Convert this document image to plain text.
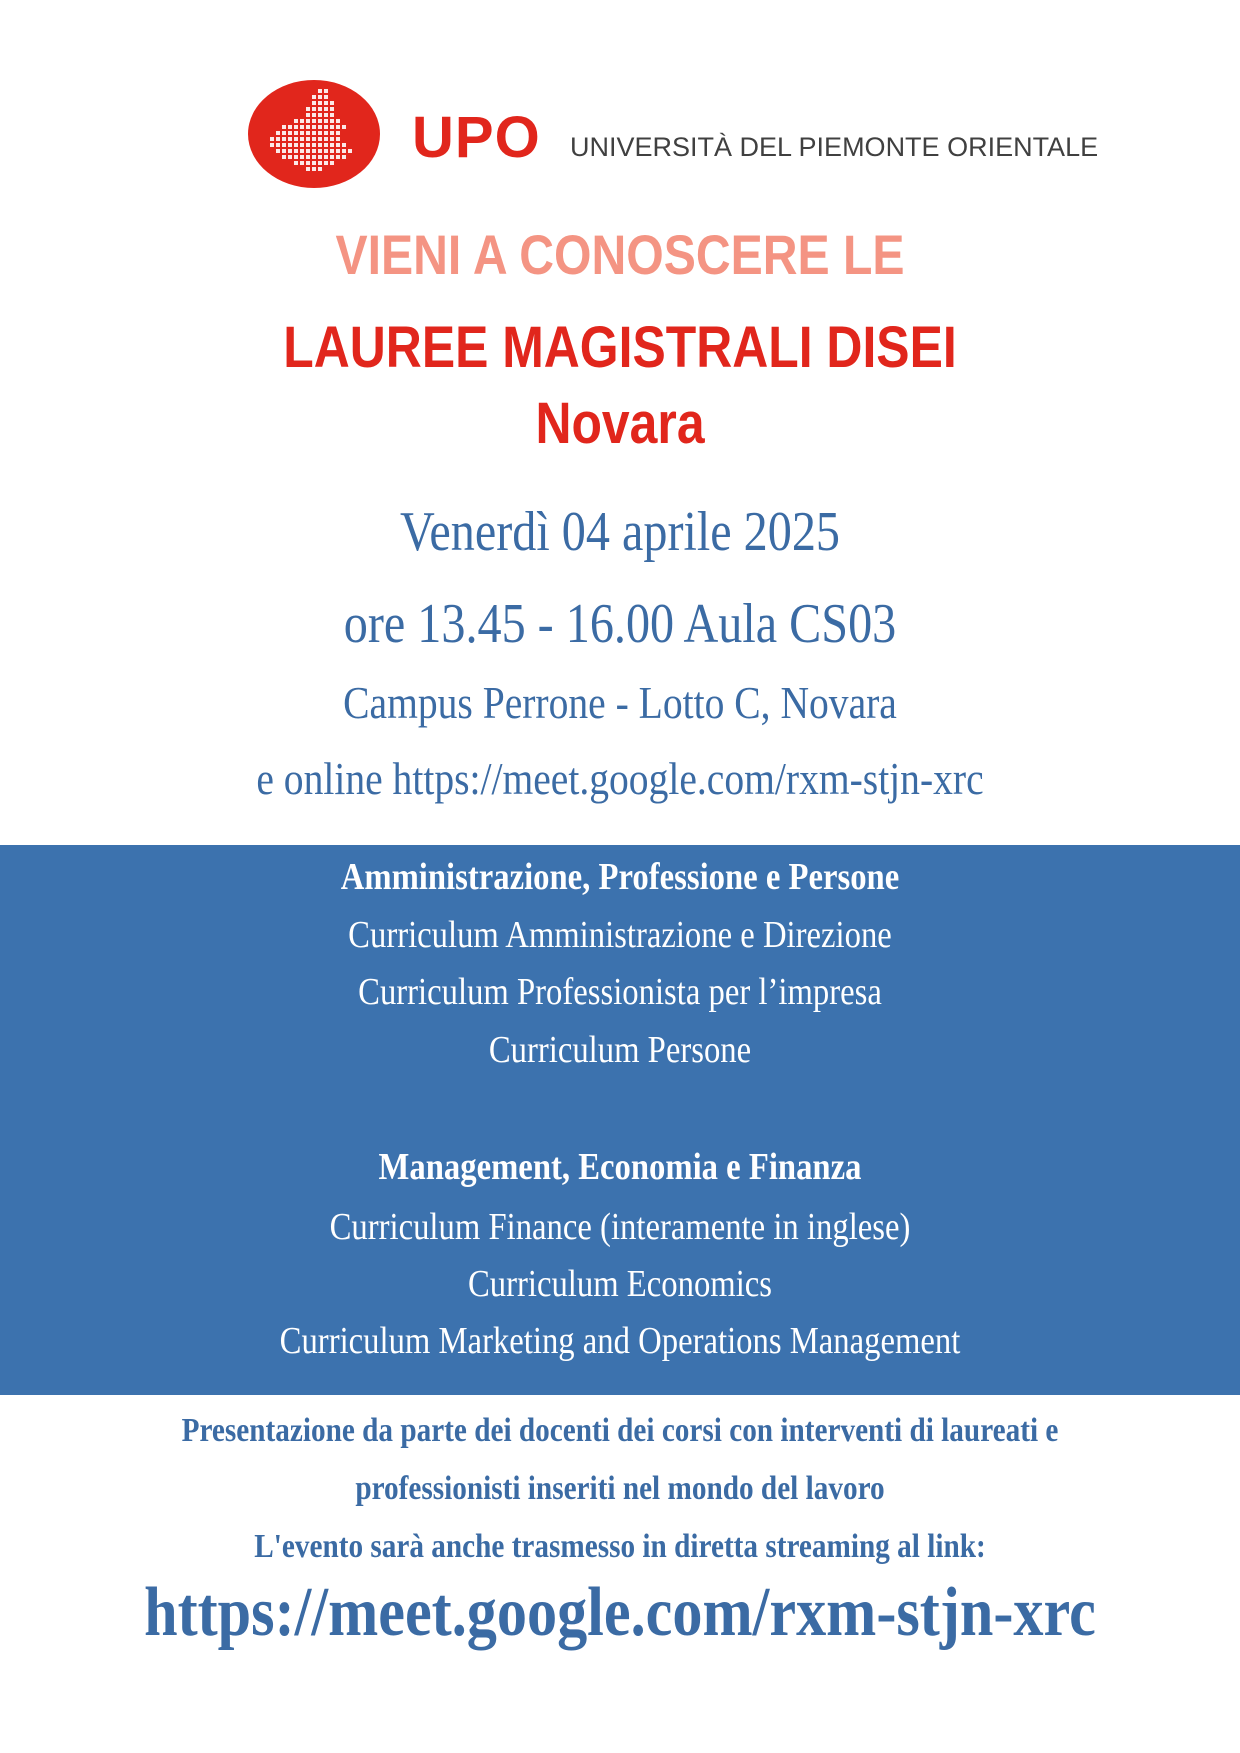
UPO UNIVERSITÀ DEL PIEMONTE ORIENTALE
VIENI A CONOSCERE LE
LAUREE MAGISTRALI DISEI
Novara
Venerdì 04 aprile 2025
ore 13.45 - 16.00 Aula CS03
Campus Perrone - Lotto C, Novara
e online https://meet.google.com/rxm-stjn-xrc
Amministrazione, Professione e Persone
Curriculum Amministrazione e Direzione
Curriculum Professionista per l’impresa
Curriculum Persone
Management, Economia e Finanza
Curriculum Finance (interamente in inglese)
Curriculum Economics
Curriculum Marketing and Operations Management
Presentazione da parte dei docenti dei corsi con interventi di laureati e
professionisti inseriti nel mondo del lavoro
L'evento sarà anche trasmesso in diretta streaming al link:
https://meet.google.com/rxm-stjn-xrc
